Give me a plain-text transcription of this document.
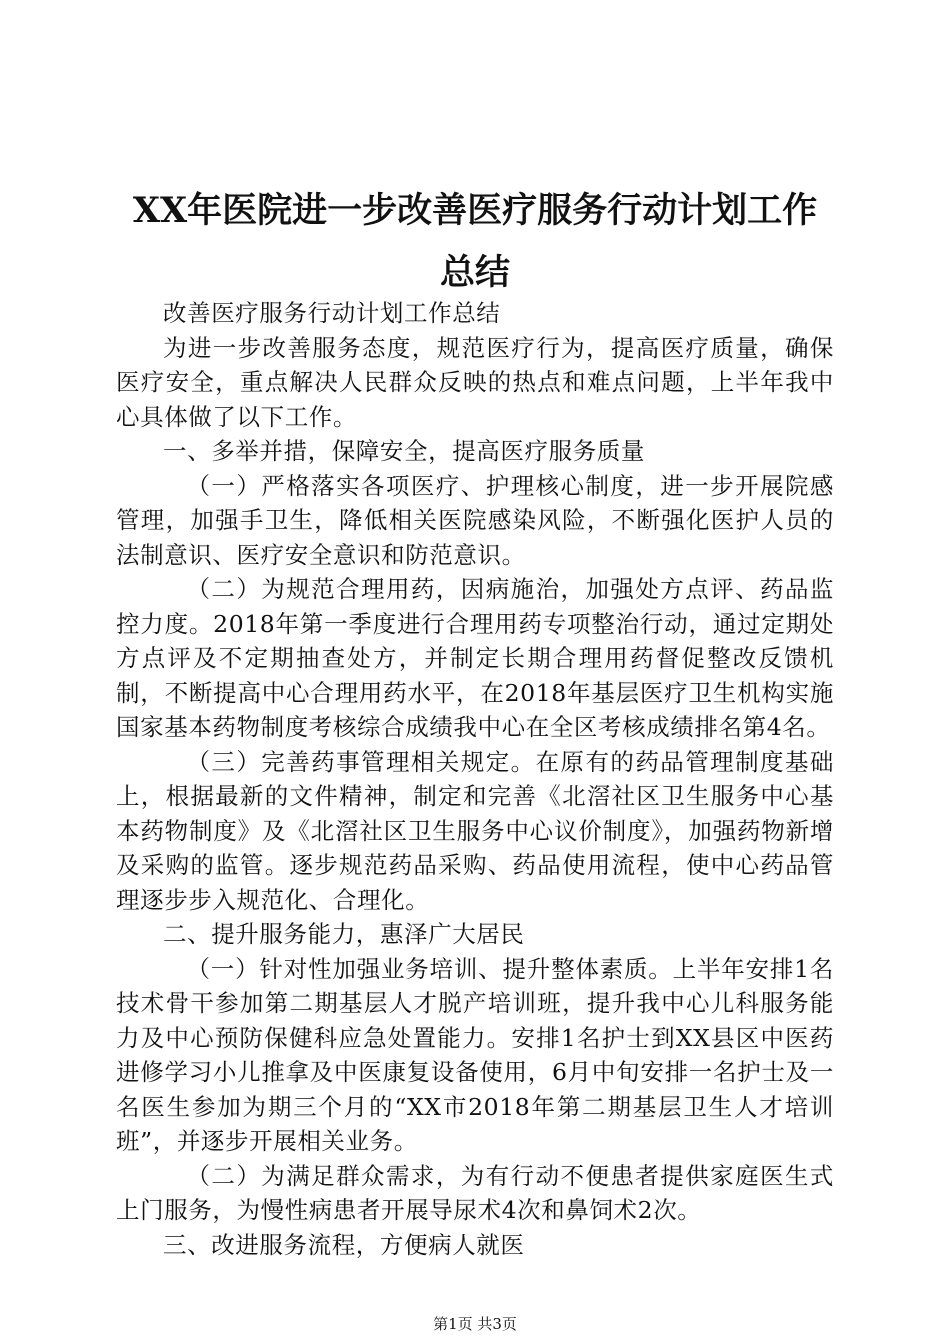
XX年医院进一步改善医疗服务行动计划工作总结

改善医疗服务行动计划工作总结

为进一步改善服务态度，规范医疗行为，提高医疗质量，确保医疗安全，重点解决人民群众反映的热点和难点问题，上半年我中心具体做了以下工作。

一、多举并措，保障安全，提高医疗服务质量

（一）严格落实各项医疗、护理核心制度，进一步开展院感管理，加强手卫生，降低相关医院感染风险，不断强化医护人员的法制意识、医疗安全意识和防范意识。

（二）为规范合理用药，因病施治，加强处方点评、药品监控力度。2018年第一季度进行合理用药专项整治行动，通过定期处方点评及不定期抽查处方，并制定长期合理用药督促整改反馈机制，不断提高中心合理用药水平，在2018年基层医疗卫生机构实施国家基本药物制度考核综合成绩我中心在全区考核成绩排名第4名。

（三）完善药事管理相关规定。在原有的药品管理制度基础上，根据最新的文件精神，制定和完善《北滘社区卫生服务中心基本药物制度》及《北滘社区卫生服务中心议价制度》，加强药物新增及采购的监管。逐步规范药品采购、药品使用流程，使中心药品管理逐步步入规范化、合理化。

二、提升服务能力，惠泽广大居民

（一）针对性加强业务培训、提升整体素质。上半年安排1名技术骨干参加第二期基层人才脱产培训班，提升我中心儿科服务能力及中心预防保健科应急处置能力。安排1名护士到XX县区中医药进修学习小儿推拿及中医康复设备使用，6月中旬安排一名护士及一名医生参加为期三个月的“XX市2018年第二期基层卫生人才培训班”，并逐步开展相关业务。

（二）为满足群众需求，为有行动不便患者提供家庭医生式上门服务，为慢性病患者开展导尿术4次和鼻饲术2次。

三、改进服务流程，方便病人就医

第1页 共3页
